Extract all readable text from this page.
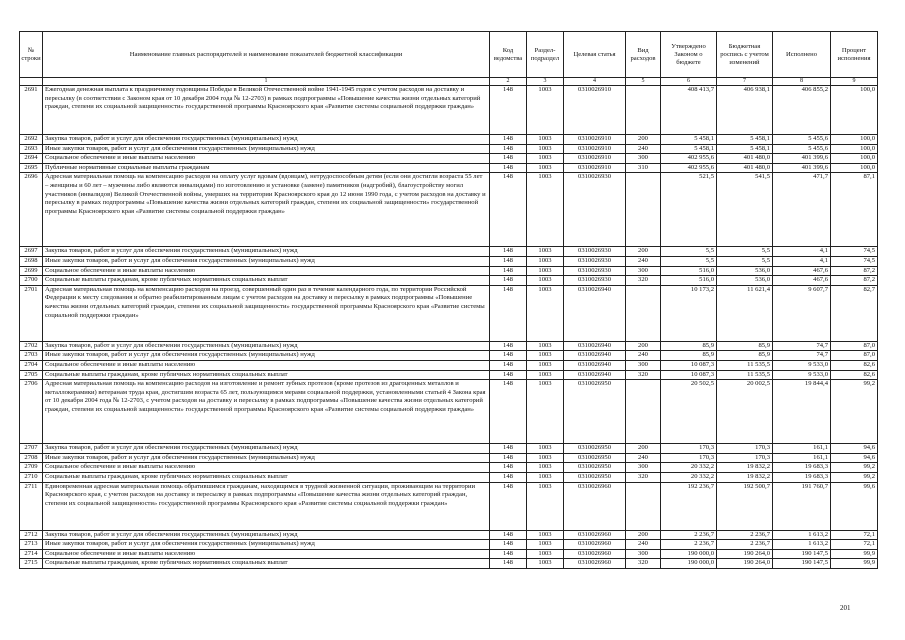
№ строки	Наименование главных распорядителей и наименование показателей бюджетной классификации	Код ведомства	Раздел-подраздел	Целевая статья	Вид расходов	Утверждено Законом о бюджете	Бюджетная роспись с учетом изменений	Исполнено	Процент исполнения
	1	2	3	4	5	6	7	8	9
2691	Ежегодная денежная выплата к праздничному годовщины Победы в Великой Отечественной войне 1941-1945 годов с учетом расходов на доставку и пересылку (в соответствии с Законом края от 10 декабря 2004 года № 12-2703) в рамках подпрограммы «Повышение качества жизни отдельных категорий граждан, степени их социальной защищенности» государственной программы Красноярского края «Развитие системы социальной поддержки граждан»	148	1003	0310026910		408 413,7	406 938,1	406 855,2	100,0
2692	Закупка товаров, работ и услуг для обеспечения государственных (муниципальных) нужд	148	1003	0310026910	200	5 458,1	5 458,1	5 455,6	100,0
2693	Иные закупки товаров, работ и услуг для обеспечения государственных (муниципальных) нужд	148	1003	0310026910	240	5 458,1	5 458,1	5 455,6	100,0
2694	Социальное обеспечение и иные выплаты населению	148	1003	0310026910	300	402 955,6	401 480,0	401 399,6	100,0
2695	Публичные нормативные социальные выплаты гражданам	148	1003	0310026910	310	402 955,6	401 480,0	401 399,6	100,0
2696	Адресная материальная помощь на компенсацию расходов на оплату услуг вдовам (вдовцам), нетрудоспособным детям (если они достигли возраста 55 лет – женщины и 60 лет – мужчины либо являются инвалидами) по изготовлению и установке (замене) памятников (надгробий), благоустройству могил участников (инвалидов) Великой Отечественной войны, умерших на территории Красноярского края до 12 июня 1990 года, с учетом расходов на доставку и пересылку в рамках подпрограммы «Повышение качества жизни отдельных категорий граждан, степени их социальной защищенности» государственной программы Красноярского края «Развитие системы социальной поддержки граждан»	148	1003	0310026930		521,5	541,5	471,7	87,1
2697	Закупка товаров, работ и услуг для обеспечения государственных (муниципальных) нужд	148	1003	0310026930	200	5,5	5,5	4,1	74,5
2698	Иные закупки товаров, работ и услуг для обеспечения государственных (муниципальных) нужд	148	1003	0310026930	240	5,5	5,5	4,1	74,5
2699	Социальное обеспечение и иные выплаты населению	148	1003	0310026930	300	516,0	536,0	467,6	87,2
2700	Социальные выплаты гражданам, кроме публичных нормативных социальных выплат	148	1003	0310026930	320	516,0	536,0	467,6	87,2
2701	Адресная материальная помощь на компенсацию расходов на проезд, совершенный один раз в течение календарного года, по территории Российской Федерации к месту следования и обратно реабилитированным лицам с учетом расходов на доставку и пересылку в рамках подпрограммы «Повышение качества жизни отдельных категорий граждан, степени их социальной защищенности» государственной программы Красноярского края «Развитие системы социальной поддержки граждан»	148	1003	0310026940		10 173,2	11 621,4	9 607,7	82,7
2702	Закупка товаров, работ и услуг для обеспечения государственных (муниципальных) нужд	148	1003	0310026940	200	85,9	85,9	74,7	87,0
2703	Иные закупки товаров, работ и услуг для обеспечения государственных (муниципальных) нужд	148	1003	0310026940	240	85,9	85,9	74,7	87,0
2704	Социальное обеспечение и иные выплаты населению	148	1003	0310026940	300	10 087,3	11 535,5	9 533,0	82,6
2705	Социальные выплаты гражданам, кроме публичных нормативных социальных выплат	148	1003	0310026940	320	10 087,3	11 535,5	9 533,0	82,6
2706	Адресная материальная помощь на компенсацию расходов на изготовление и ремонт зубных протезов (кроме протезов из драгоценных металлов и металлокерамики) ветеранам труда края, достигшим возраста 65 лет, пользующимся мерами социальной поддержки, установленными статьей 4 Закона края от 10 декабря 2004 года № 12-2703, с учетом расходов на доставку и пересылку в рамках подпрограммы «Повышение качества жизни отдельных категорий граждан, степени их социальной защищенности» государственной программы Красноярского края «Развитие системы социальной поддержки граждан»	148	1003	0310026950		20 502,5	20 002,5	19 844,4	99,2
2707	Закупка товаров, работ и услуг для обеспечения государственных (муниципальных) нужд	148	1003	0310026950	200	170,3	170,3	161,1	94,6
2708	Иные закупки товаров, работ и услуг для обеспечения государственных (муниципальных) нужд	148	1003	0310026950	240	170,3	170,3	161,1	94,6
2709	Социальное обеспечение и иные выплаты населению	148	1003	0310026950	300	20 332,2	19 832,2	19 683,3	99,2
2710	Социальные выплаты гражданам, кроме публичных нормативных социальных выплат	148	1003	0310026950	320	20 332,2	19 832,2	19 683,3	99,2
2711	Единовременная адресная материальная помощь обратившимся гражданам, находящимся в трудной жизненной ситуации, проживающим на территории Красноярского края, с учетом расходов на доставку и пересылку в рамках подпрограммы «Повышение качества жизни отдельных категорий граждан, степени их социальной защищенности» государственной программы Красноярского края «Развитие системы социальной поддержки граждан»	148	1003	0310026960		192 236,7	192 500,7	191 760,7	99,6
2712	Закупка товаров, работ и услуг для обеспечения государственных (муниципальных) нужд	148	1003	0310026960	200	2 236,7	2 236,7	1 613,2	72,1
2713	Иные закупки товаров, работ и услуг для обеспечения государственных (муниципальных) нужд	148	1003	0310026960	240	2 236,7	2 236,7	1 613,2	72,1
2714	Социальное обеспечение и иные выплаты населению	148	1003	0310026960	300	190 000,0	190 264,0	190 147,5	99,9
2715	Социальные выплаты гражданам, кроме публичных нормативных социальных выплат	148	1003	0310026960	320	190 000,0	190 264,0	190 147,5	99,9
201
